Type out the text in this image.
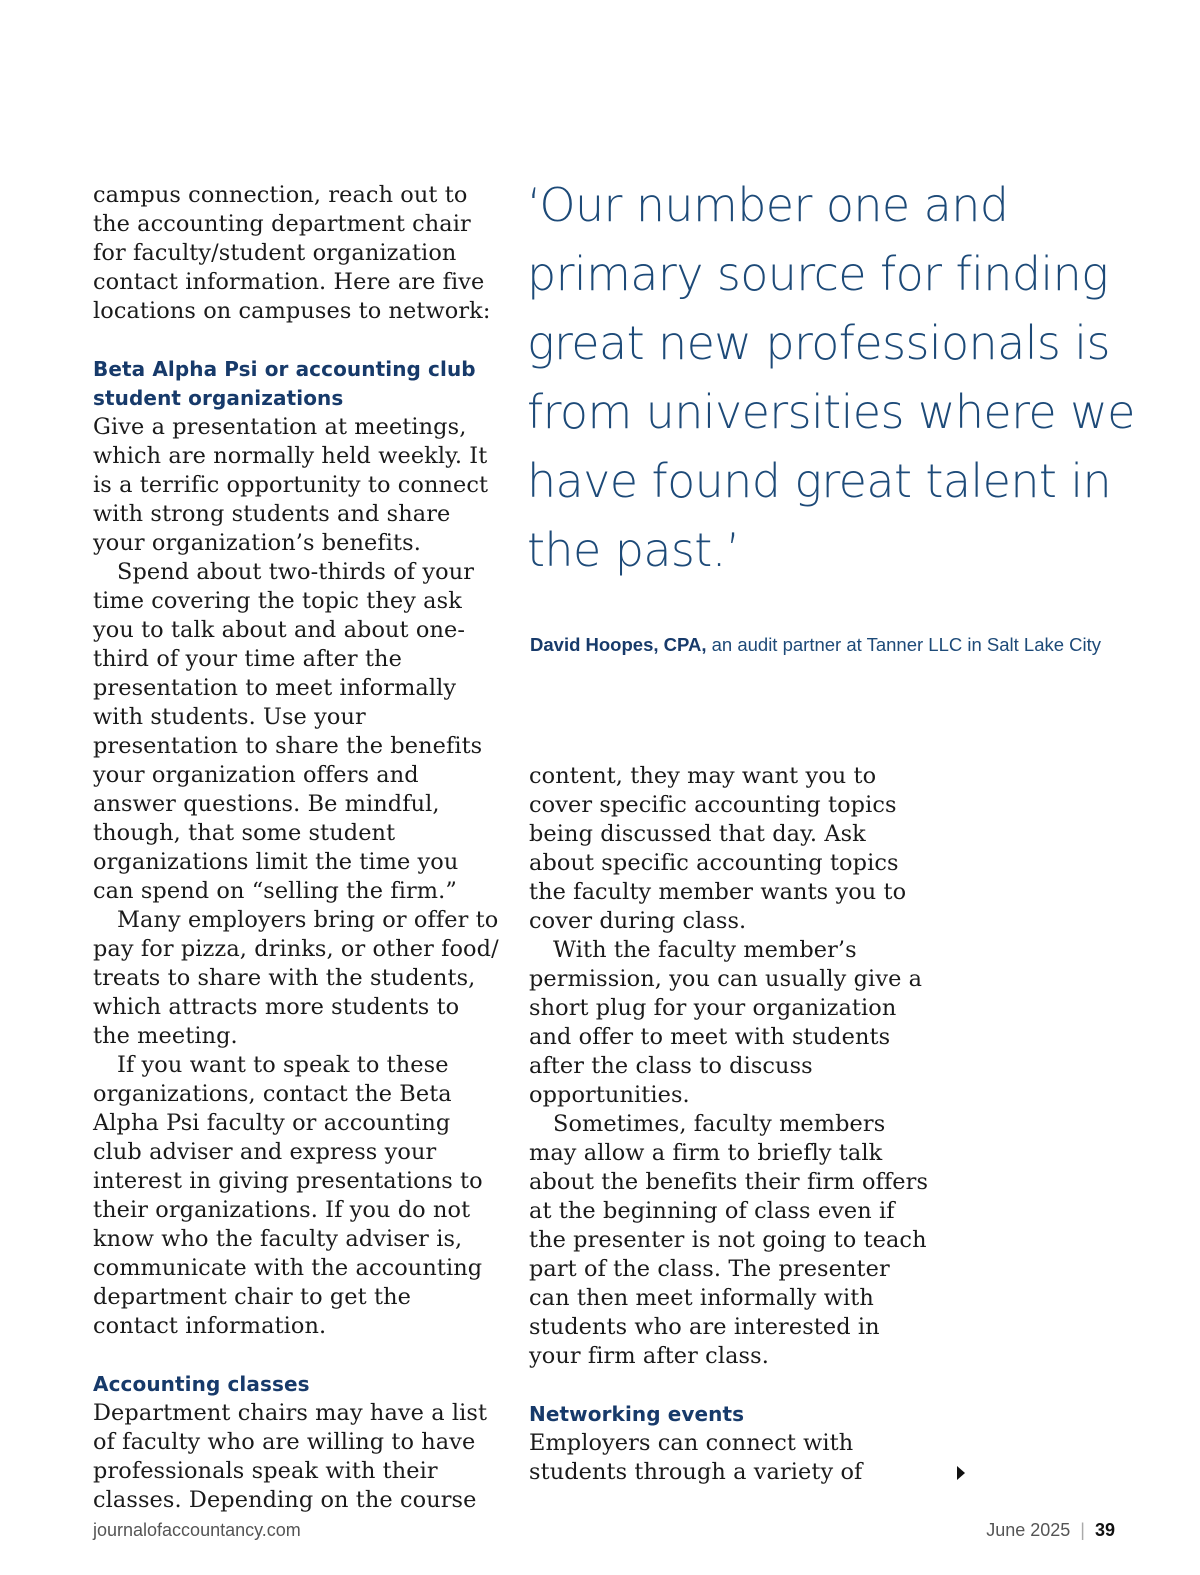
campus connection, reach out to the accounting department chair for faculty/student organization contact information. Here are five locations on campuses to network:

Beta Alpha Psi or accounting club student organizations

Give a presentation at meetings, which are normally held weekly. It is a terrific opportunity to connect with strong students and share your organization’s benefits.

Spend about two-thirds of your time covering the topic they ask you to talk about and about one-third of your time after the presentation to meet informally with students. Use your presentation to share the benefits your organization offers and answer questions. Be mindful, though, that some student organizations limit the time you can spend on “selling the firm.”

Many employers bring or offer to pay for pizza, drinks, or other food/ treats to share with the students, which attracts more students to the meeting.

If you want to speak to these organizations, contact the Beta Alpha Psi faculty or accounting club adviser and express your interest in giving presentations to their organizations. If you do not know who the faculty adviser is, communicate with the accounting department chair to get the contact information.

Accounting classes

Department chairs may have a list of faculty who are willing to have professionals speak with their classes. Depending on the course

‘Our number one and primary source for finding great new professionals is from universities where we have found great talent in the past.’

David Hoopes, CPA, an audit partner at Tanner LLC in Salt Lake City

content, they may want you to cover specific accounting topics being discussed that day. Ask about specific accounting topics the faculty member wants you to cover during class.

With the faculty member’s permission, you can usually give a short plug for your organization and offer to meet with students after the class to discuss opportunities.

Sometimes, faculty members may allow a firm to briefly talk about the benefits their firm offers at the beginning of class even if the presenter is not going to teach part of the class. The presenter can then meet informally with students who are interested in your firm after class.

Networking events

Employers can connect with students through a variety of

journalofaccountancy.com	June 2025 | 39
